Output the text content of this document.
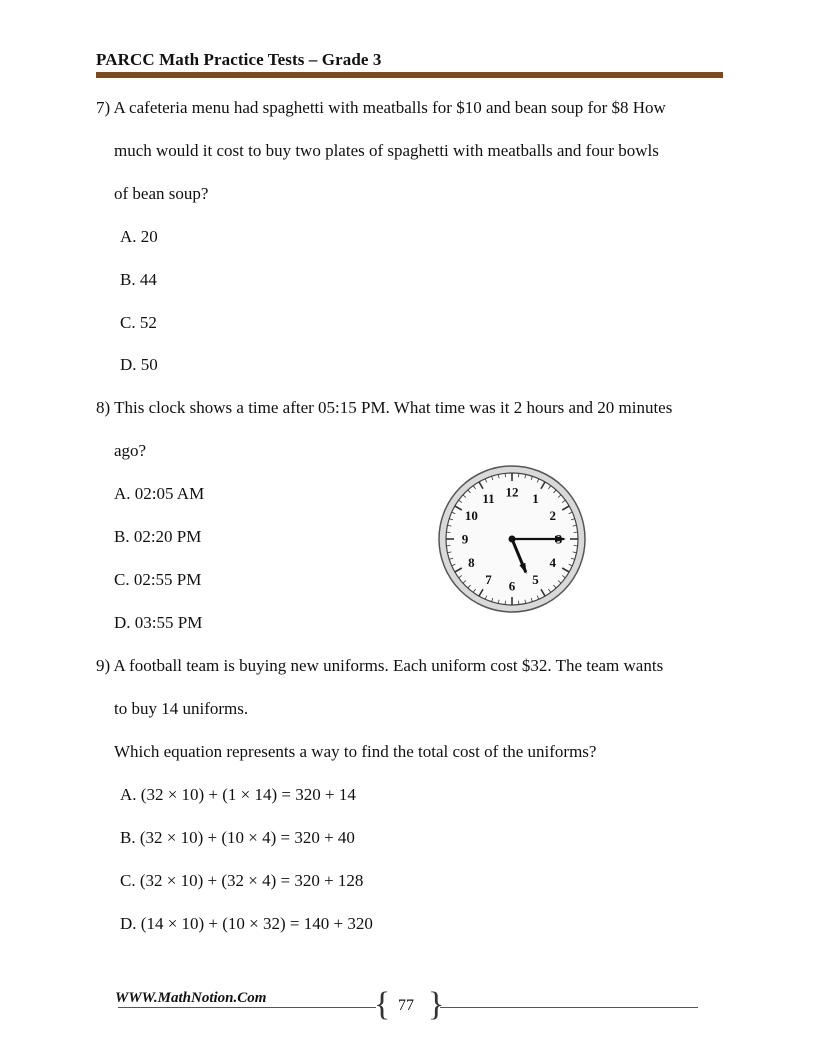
PARCC Math Practice Tests – Grade 3
7) A cafeteria menu had spaghetti with meatballs for $10 and bean soup for $8 How
much would it cost to buy two plates of spaghetti with meatballs and four bowls
of bean soup?
A. 20
B. 44
C. 52
D. 50
8) This clock shows a time after 05:15 PM. What time was it 2 hours and 20 minutes
ago?
A. 02:05 AM
B. 02:20 PM
C. 02:55 PM
D. 03:55 PM
12 1
2
4
5
6
7
8
9
10
11
9) A football team is buying new uniforms. Each uniform cost $32. The team wants
to buy 14 uniforms.
Which equation represents a way to find the total cost of the uniforms?
A. (32 × 10) + (1 × 14) = 320 + 14
B. (32 × 10) + (10 × 4) = 320 + 40
C. (32 × 10) + (32 × 4) = 320 + 128
D. (14 × 10) + (10 × 32) = 140 + 320
WWW.MathNotion.Com	{ }
77
